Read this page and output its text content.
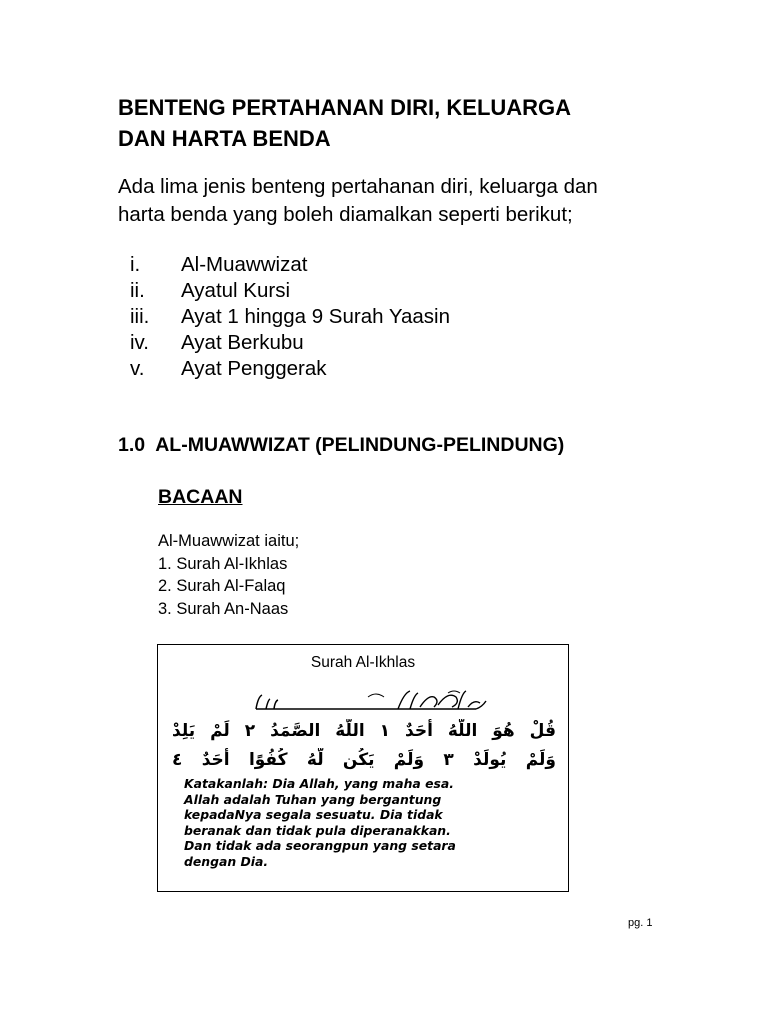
BENTENG PERTAHANAN DIRI, KELUARGA
DAN HARTA BENDA

Ada lima jenis benteng pertahanan diri, keluarga dan
harta benda yang boleh diamalkan seperti berikut;

i.	Al-Muawwizat
ii.	Ayatul Kursi
iii.	Ayat 1 hingga 9 Surah Yaasin
iv.	Ayat Berkubu
v.	Ayat Penggerak
1.0  AL-MUAWWIZAT (PELINDUNG-PELINDUNG)
BACAAN
Al-Muawwizat iaitu;
1. Surah Al-Ikhlas
2. Surah Al-Falaq
3. Surah An-Naas
Surah Al-Ikhlas
قُلْ هُوَ اللَّهُ أَحَدٌ ١ اللَّهُ الصَّمَدُ ٢ لَمْ يَلِدْ
وَلَمْ يُولَدْ ٣ وَلَمْ يَكُن لَّهُ كُفُوًا أَحَدٌ ٤
Katakanlah: Dia Allah, yang maha esa.
Allah adalah Tuhan yang bergantung
kepadaNya segala sesuatu. Dia tidak
beranak dan tidak pula diperanakkan.
Dan tidak ada seorangpun yang setara
dengan Dia.
pg. 1
